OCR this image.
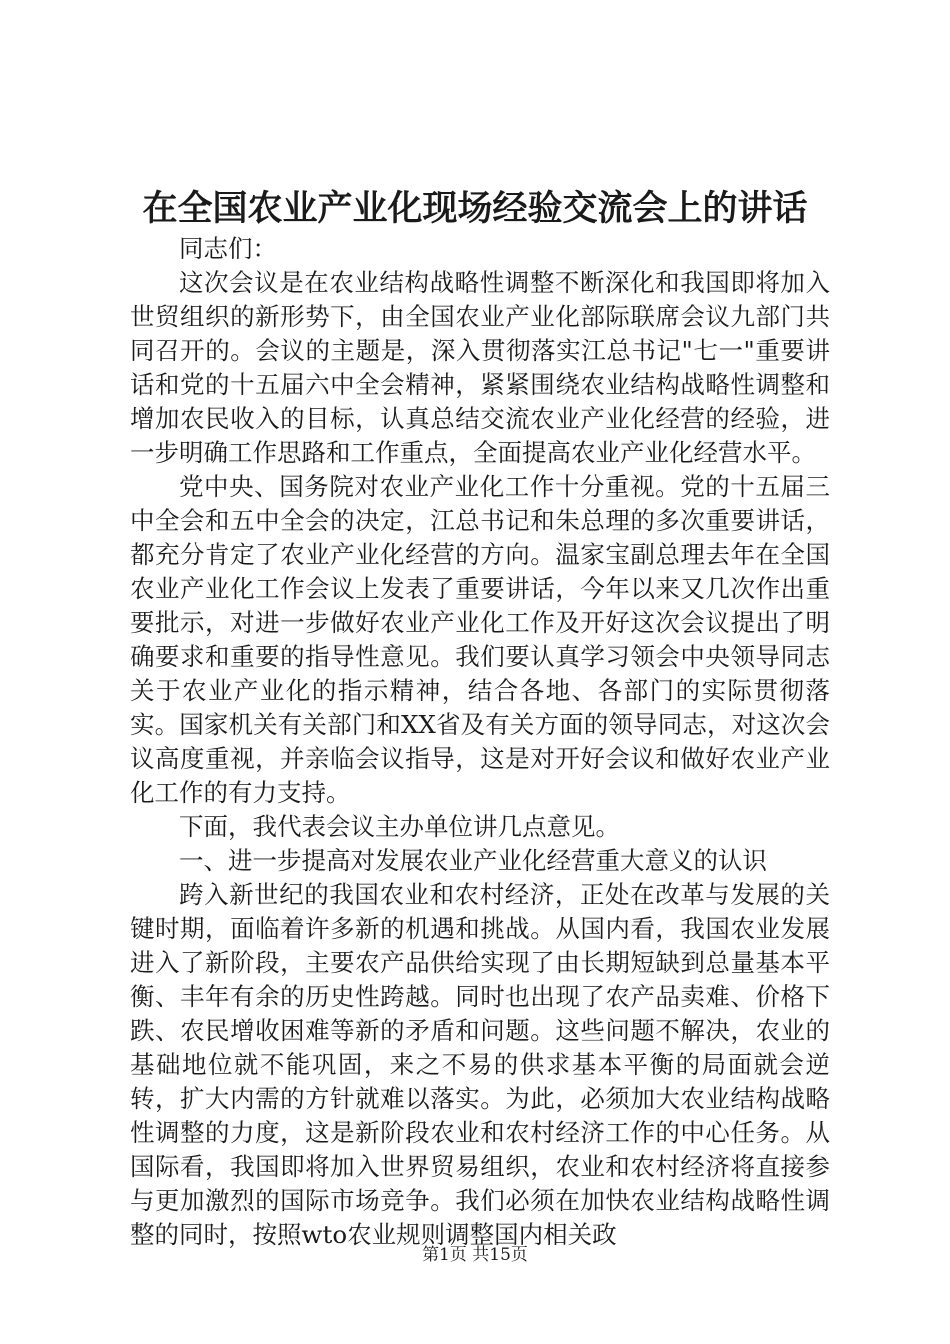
在全国农业产业化现场经验交流会上的讲话

同志们：

这次会议是在农业结构战略性调整不断深化和我国即将加入世贸组织的新形势下，由全国农业产业化部际联席会议九部门共同召开的。会议的主题是，深入贯彻落实江总书记"七一"重要讲话和党的十五届六中全会精神，紧紧围绕农业结构战略性调整和增加农民收入的目标，认真总结交流农业产业化经营的经验，进一步明确工作思路和工作重点，全面提高农业产业化经营水平。

党中央、国务院对农业产业化工作十分重视。党的十五届三中全会和五中全会的决定，江总书记和朱总理的多次重要讲话，都充分肯定了农业产业化经营的方向。温家宝副总理去年在全国农业产业化工作会议上发表了重要讲话，今年以来又几次作出重要批示，对进一步做好农业产业化工作及开好这次会议提出了明确要求和重要的指导性意见。我们要认真学习领会中央领导同志关于农业产业化的指示精神，结合各地、各部门的实际贯彻落实。国家机关有关部门和XX省及有关方面的领导同志，对这次会议高度重视，并亲临会议指导，这是对开好会议和做好农业产业化工作的有力支持。

下面，我代表会议主办单位讲几点意见。

一、进一步提高对发展农业产业化经营重大意义的认识

跨入新世纪的我国农业和农村经济，正处在改革与发展的关键时期，面临着许多新的机遇和挑战。从国内看，我国农业发展进入了新阶段，主要农产品供给实现了由长期短缺到总量基本平衡、丰年有余的历史性跨越。同时也出现了农产品卖难、价格下跌、农民增收困难等新的矛盾和问题。这些问题不解决，农业的基础地位就不能巩固，来之不易的供求基本平衡的局面就会逆转，扩大内需的方针就难以落实。为此，必须加大农业结构战略性调整的力度，这是新阶段农业和农村经济工作的中心任务。从国际看，我国即将加入世界贸易组织，农业和农村经济将直接参与更加激烈的国际市场竞争。我们必须在加快农业结构战略性调整的同时，按照wto农业规则调整国内相关政

第1页 共15页
